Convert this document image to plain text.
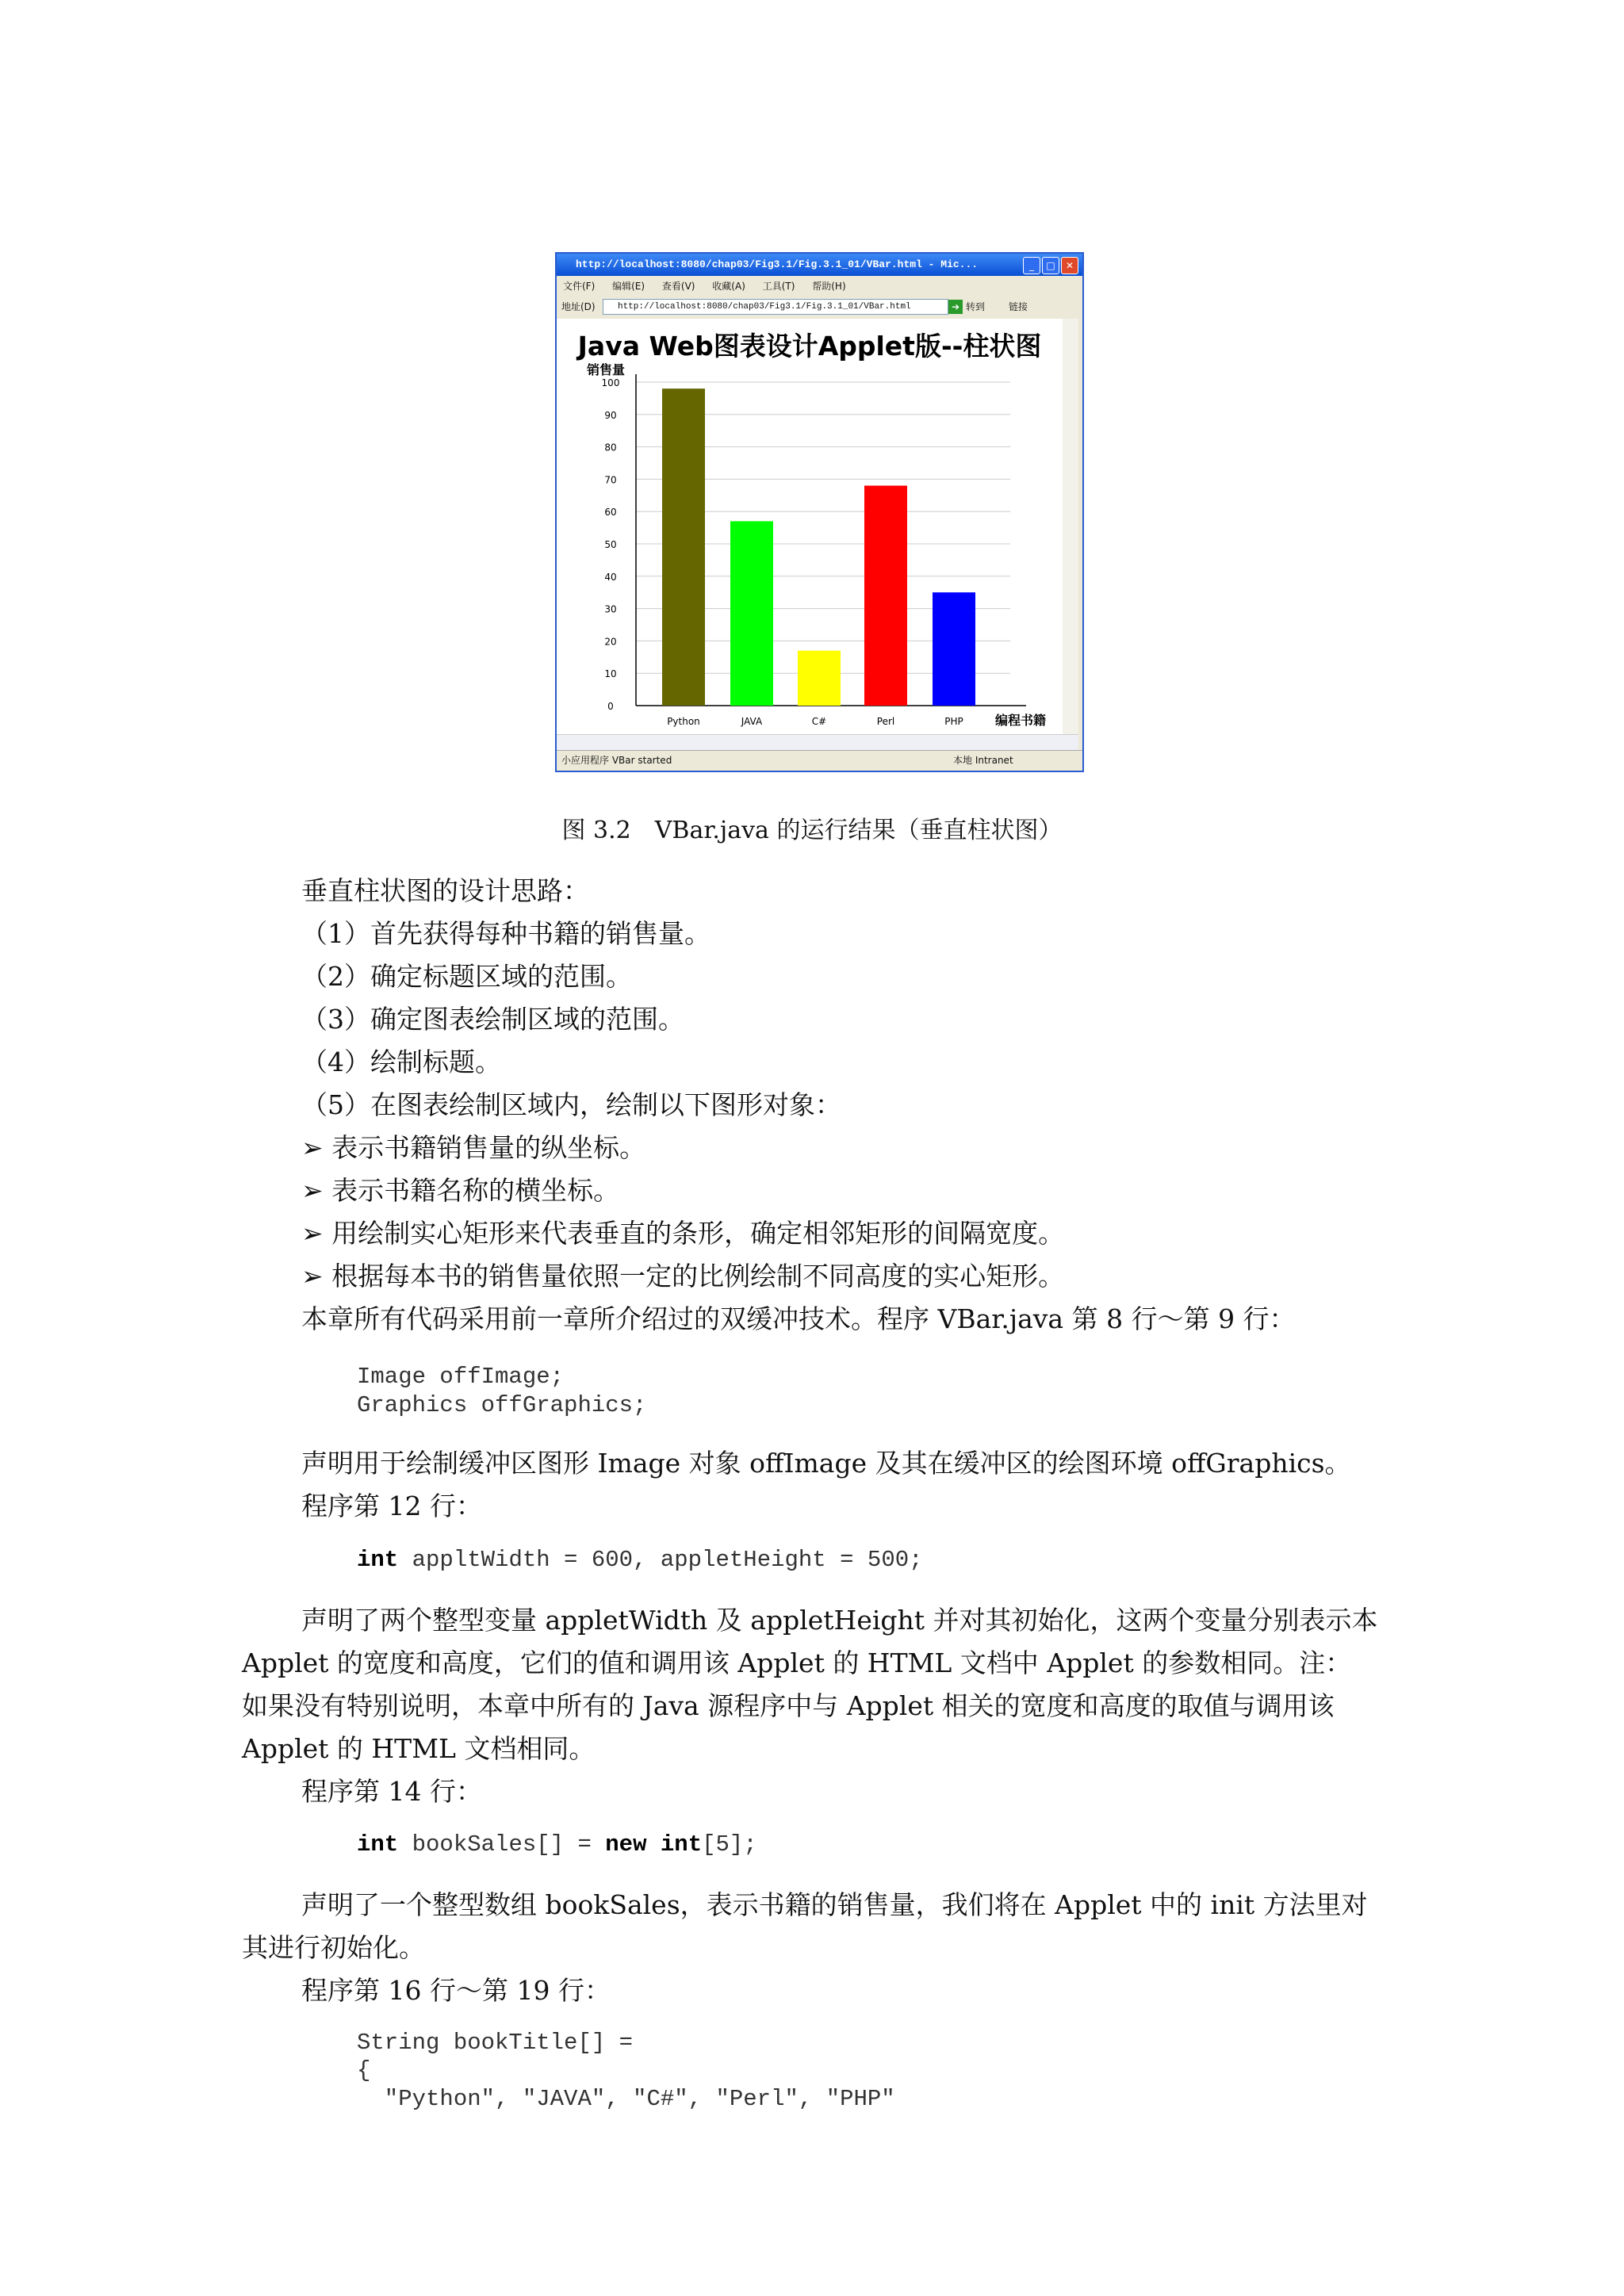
http://localhost:8080/chap03/Fig3.1/Fig.3.1_01/VBar.html - Mic...	_	□	✕
文件(F) 编辑(E) 查看(V) 收藏(A) 工具(T) 帮助(H)
地址(D)	http://localhost:8080/chap03/Fig3.1/Fig.3.1_01/VBar.html	➔ 转到 链接
Java Web图表设计Applet版--柱状图
销售量
0
10
20
30
40
50
60
70
80
90
100
Python	JAVA	C#	Perl	PHP	编程书籍
小应用程序 VBar started	本地 Intranet
图 3.2　VBar.java 的运行结果（垂直柱状图）
垂直柱状图的设计思路：
（1）首先获得每种书籍的销售量。
（2）确定标题区域的范围。
（3）确定图表绘制区域的范围。
（4）绘制标题。
（5）在图表绘制区域内，绘制以下图形对象：
➢ 表示书籍销售量的纵坐标。
➢ 表示书籍名称的横坐标。
➢ 用绘制实心矩形来代表垂直的条形，确定相邻矩形的间隔宽度。
➢ 根据每本书的销售量依照一定的比例绘制不同高度的实心矩形。
本章所有代码采用前一章所介绍过的双缓冲技术。程序 VBar.java 第 8 行～第 9 行：
Image offImage;
Graphics offGraphics;
声明用于绘制缓冲区图形 Image 对象 offImage 及其在缓冲区的绘图环境 offGraphics。
程序第 12 行：
int appltWidth = 600, appletHeight = 500;
声明了两个整型变量 appletWidth 及 appletHeight 并对其初始化，这两个变量分别表示本
Applet 的宽度和高度，它们的值和调用该 Applet 的 HTML 文档中 Applet 的参数相同。注：
如果没有特别说明，本章中所有的 Java 源程序中与 Applet 相关的宽度和高度的取值与调用该
Applet 的 HTML 文档相同。
程序第 14 行：
int bookSales[] = new int[5];
声明了一个整型数组 bookSales，表示书籍的销售量，我们将在 Applet 中的 init 方法里对
其进行初始化。
程序第 16 行～第 19 行：
String bookTitle[] =
{
"Python", "JAVA", "C#", "Perl", "PHP"
